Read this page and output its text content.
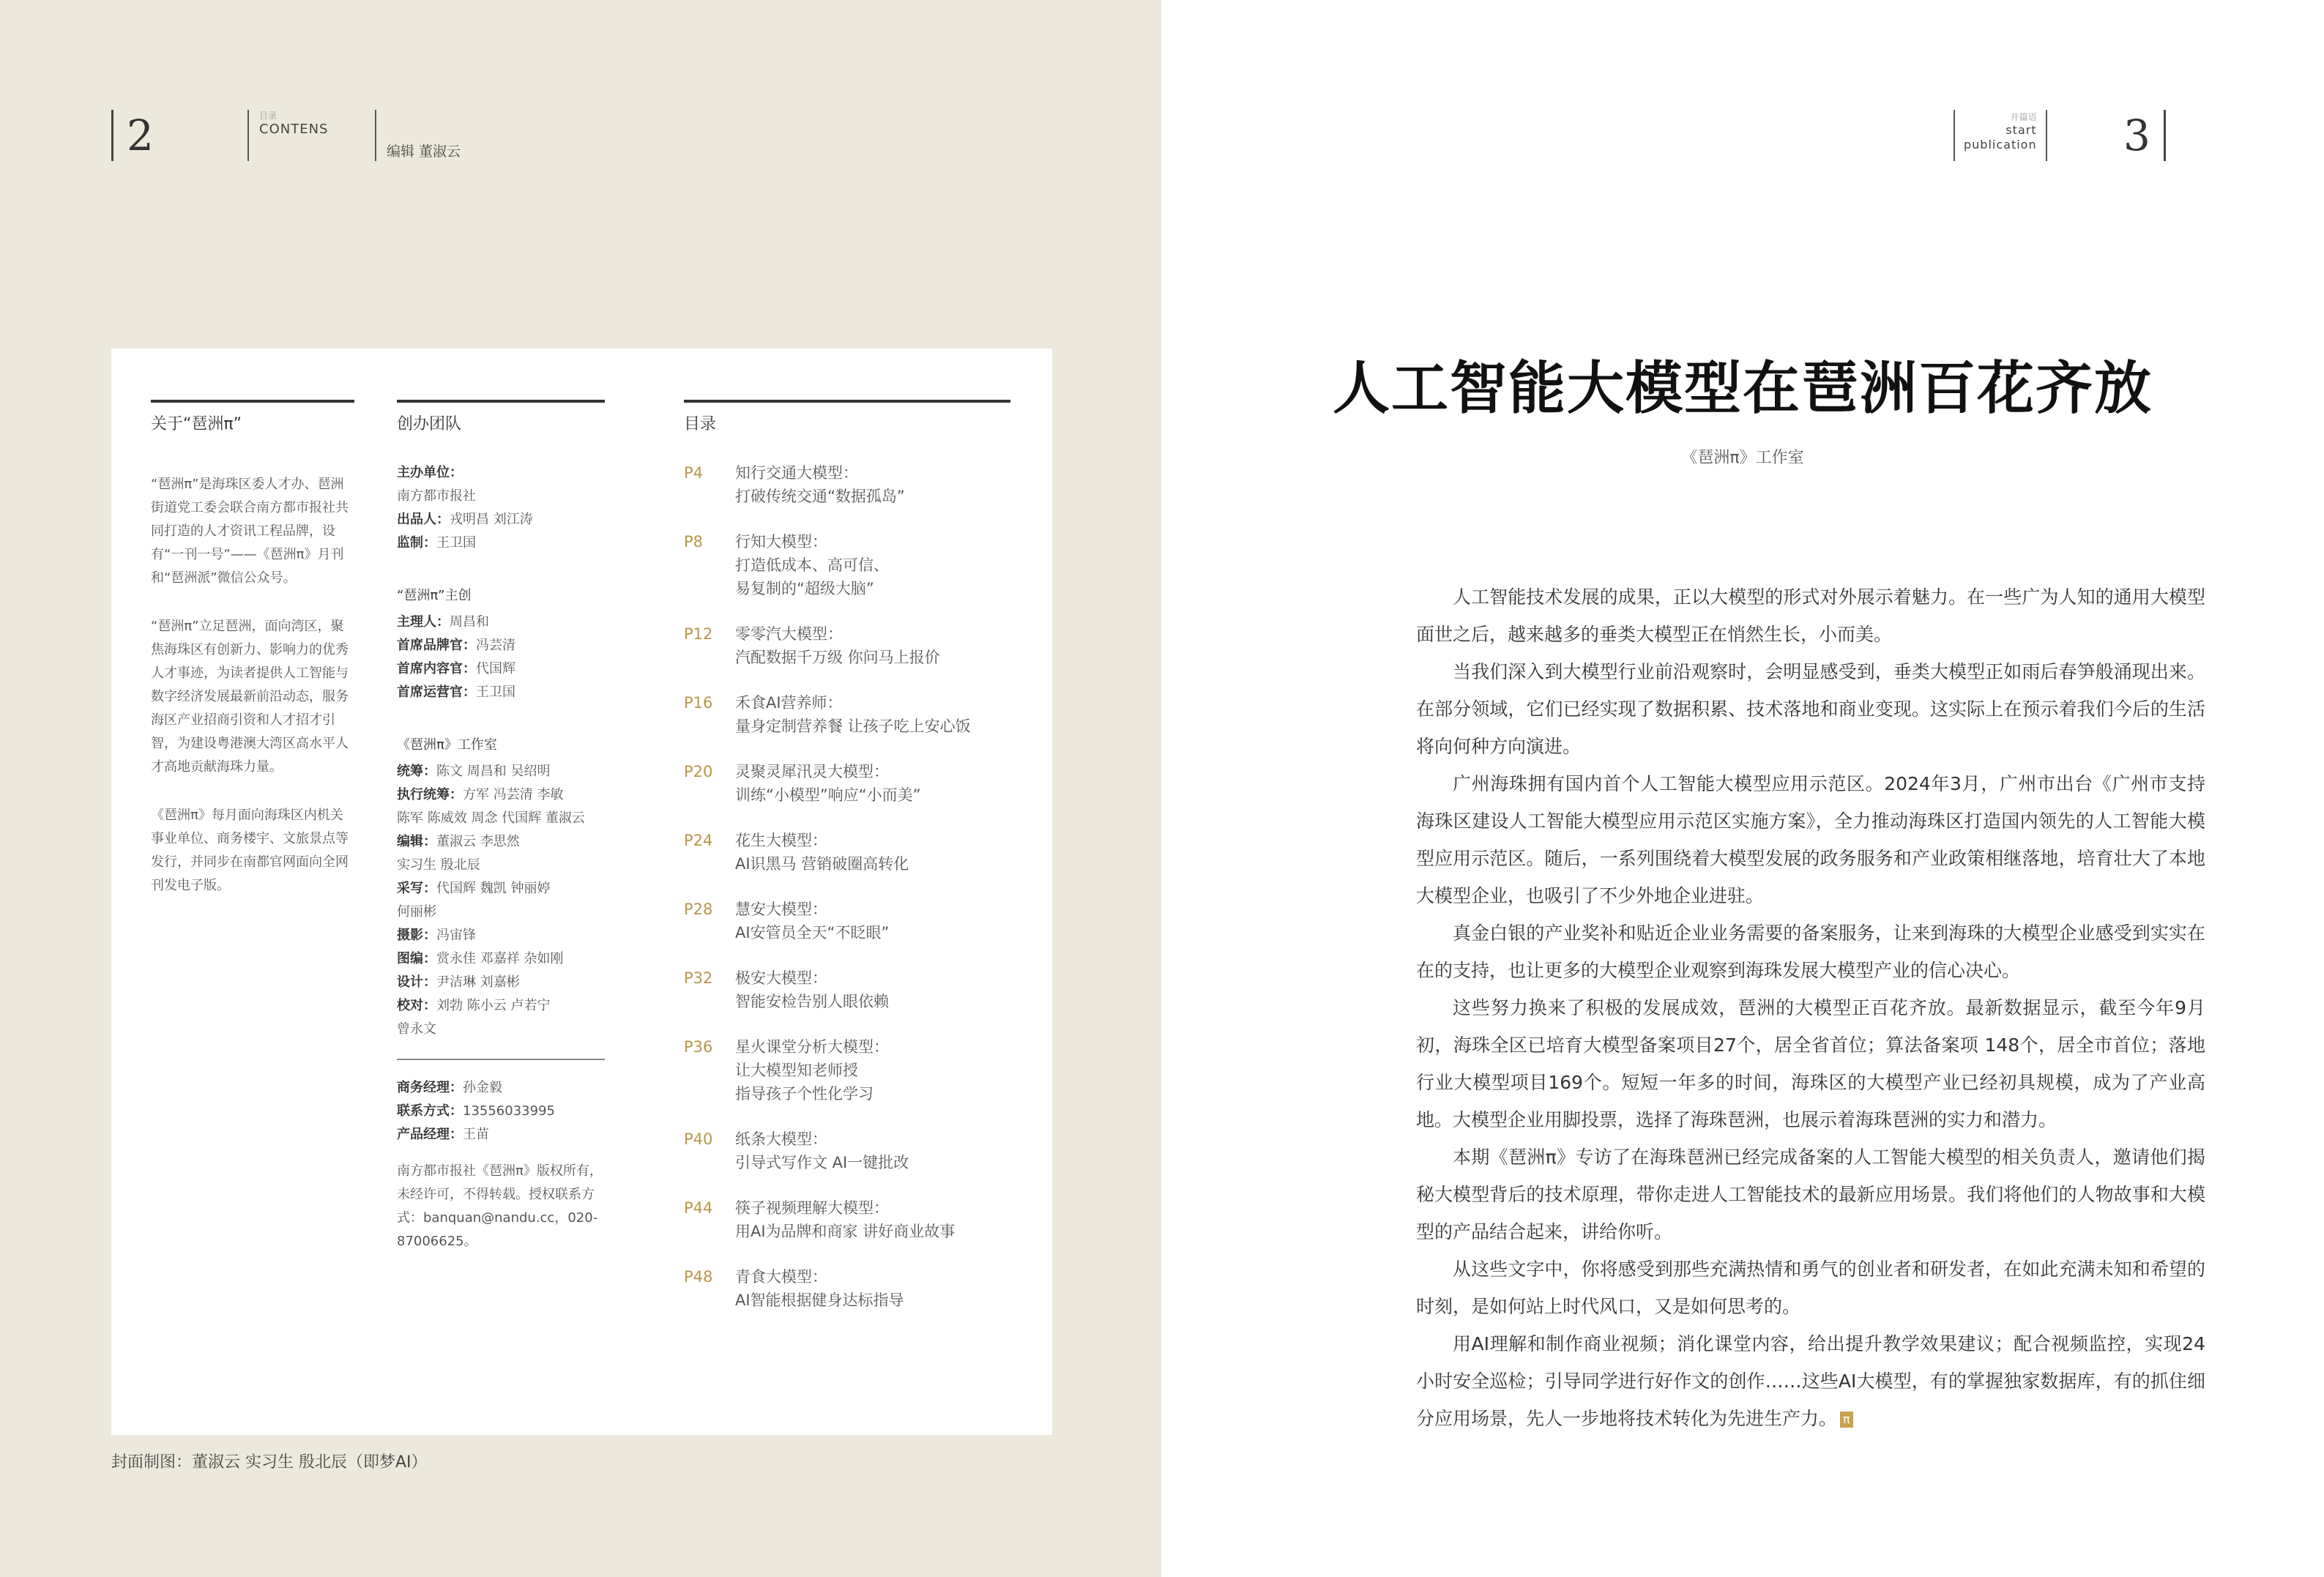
2	目录
CONTENS
编辑 董淑云
关于“琶洲π”

“琶洲π”是海珠区委人才办、琶洲街道党工委会联合南方都市报社共同打造的人才资讯工程品牌，设有“一刊一号”——《琶洲π》月刊和“琶洲派”微信公众号。

“琶洲π”立足琶洲，面向湾区，聚焦海珠区有创新力、影响力的优秀人才事迹，为读者提供人工智能与数字经济发展最新前沿动态，服务海区产业招商引资和人才招才引智，为建设粤港澳大湾区高水平人才高地贡献海珠力量。

《琶洲π》每月面向海珠区内机关事业单位、商务楼宇、文旅景点等发行，并同步在南都官网面向全网刊发电子版。

创办团队
主办单位：
南方都市报社
出品人：戎明昌 刘江涛
监制：王卫国
“琶洲π”主创
主理人：周昌和
首席品牌官：冯芸清
首席内容官：代国辉
首席运营官：王卫国
《琶洲π》工作室
统筹：陈文 周昌和 吴绍明
执行统筹：方军 冯芸清 李敏
陈军 陈威效 周念 代国辉 董淑云
编辑：董淑云 李思然
实习生 殷北辰
采写：代国辉 魏凯 钟丽婷
何丽彬
摄影：冯宙锋
图编：赏永佳 邓嘉祥 杂如刚
设计：尹洁琳 刘嘉彬
校对：刘勃 陈小云 卢若宁
曾永文
商务经理：孙金毅
联系方式：13556033995
产品经理：王苗
南方都市报社《琶洲π》版权所有，未经许可，不得转载。授权联系方式：banquan@nandu.cc，020-87006625。
目录
P4	知行交通大模型：
打破传统交通“数据孤岛”
P8	行知大模型：
打造低成本、高可信、
易复制的“超级大脑”
P12	零零汽大模型：
汽配数据千万级 你问马上报价
P16	禾食AI营养师：
量身定制营养餐 让孩子吃上安心饭
P20	灵聚灵犀汛灵大模型：
训练“小模型”响应“小而美”
P24	花生大模型：
AI识黑马 营销破圈高转化
P28	慧安大模型：
AI安管员全天“不眨眼”
P32	极安大模型：
智能安检告别人眼依赖
P36	星火课堂分析大模型：
让大模型知老师授
指导孩子个性化学习
P40	纸条大模型：
引导式写作文 AI一键批改
P44	筷子视频理解大模型：
用AI为品牌和商家 讲好商业故事
P48	青食大模型：
AI智能根据健身达标指导
封面制图：董淑云 实习生 殷北辰（即梦AI）
开篇语
start
publication 3
人工智能大模型在琶洲百花齐放
《琶洲π》工作室

人工智能技术发展的成果，正以大模型的形式对外展示着魅力。在一些广为人知的通用大模型面世之后，越来越多的垂类大模型正在悄然生长，小而美。

当我们深入到大模型行业前沿观察时，会明显感受到，垂类大模型正如雨后春笋般涌现出来。在部分领域，它们已经实现了数据积累、技术落地和商业变现。这实际上在预示着我们今后的生活将向何种方向演进。

广州海珠拥有国内首个人工智能大模型应用示范区。2024年3月，广州市出台《广州市支持海珠区建设人工智能大模型应用示范区实施方案》，全力推动海珠区打造国内领先的人工智能大模型应用示范区。随后，一系列围绕着大模型发展的政务服务和产业政策相继落地，培育壮大了本地大模型企业，也吸引了不少外地企业进驻。

真金白银的产业奖补和贴近企业业务需要的备案服务，让来到海珠的大模型企业感受到实实在在的支持，也让更多的大模型企业观察到海珠发展大模型产业的信心决心。

这些努力换来了积极的发展成效，琶洲的大模型正百花齐放。最新数据显示，截至今年9月初，海珠全区已培育大模型备案项目27个，居全省首位；算法备案项 148个，居全市首位；落地行业大模型项目169个。短短一年多的时间，海珠区的大模型产业已经初具规模，成为了产业高地。大模型企业用脚投票，选择了海珠琶洲，也展示着海珠琶洲的实力和潜力。

本期《琶洲π》专访了在海珠琶洲已经完成备案的人工智能大模型的相关负责人，邀请他们揭秘大模型背后的技术原理，带你走进人工智能技术的最新应用场景。我们将他们的人物故事和大模型的产品结合起来，讲给你听。

从这些文字中，你将感受到那些充满热情和勇气的创业者和研发者，在如此充满未知和希望的时刻，是如何站上时代风口，又是如何思考的。

用AI理解和制作商业视频；消化课堂内容，给出提升教学效果建议；配合视频监控，实现24小时安全巡检；引导同学进行好作文的创作……这些AI大模型，有的掌握独家数据库，有的抓住细分应用场景，先人一步地将技术转化为先进生产力。 π
